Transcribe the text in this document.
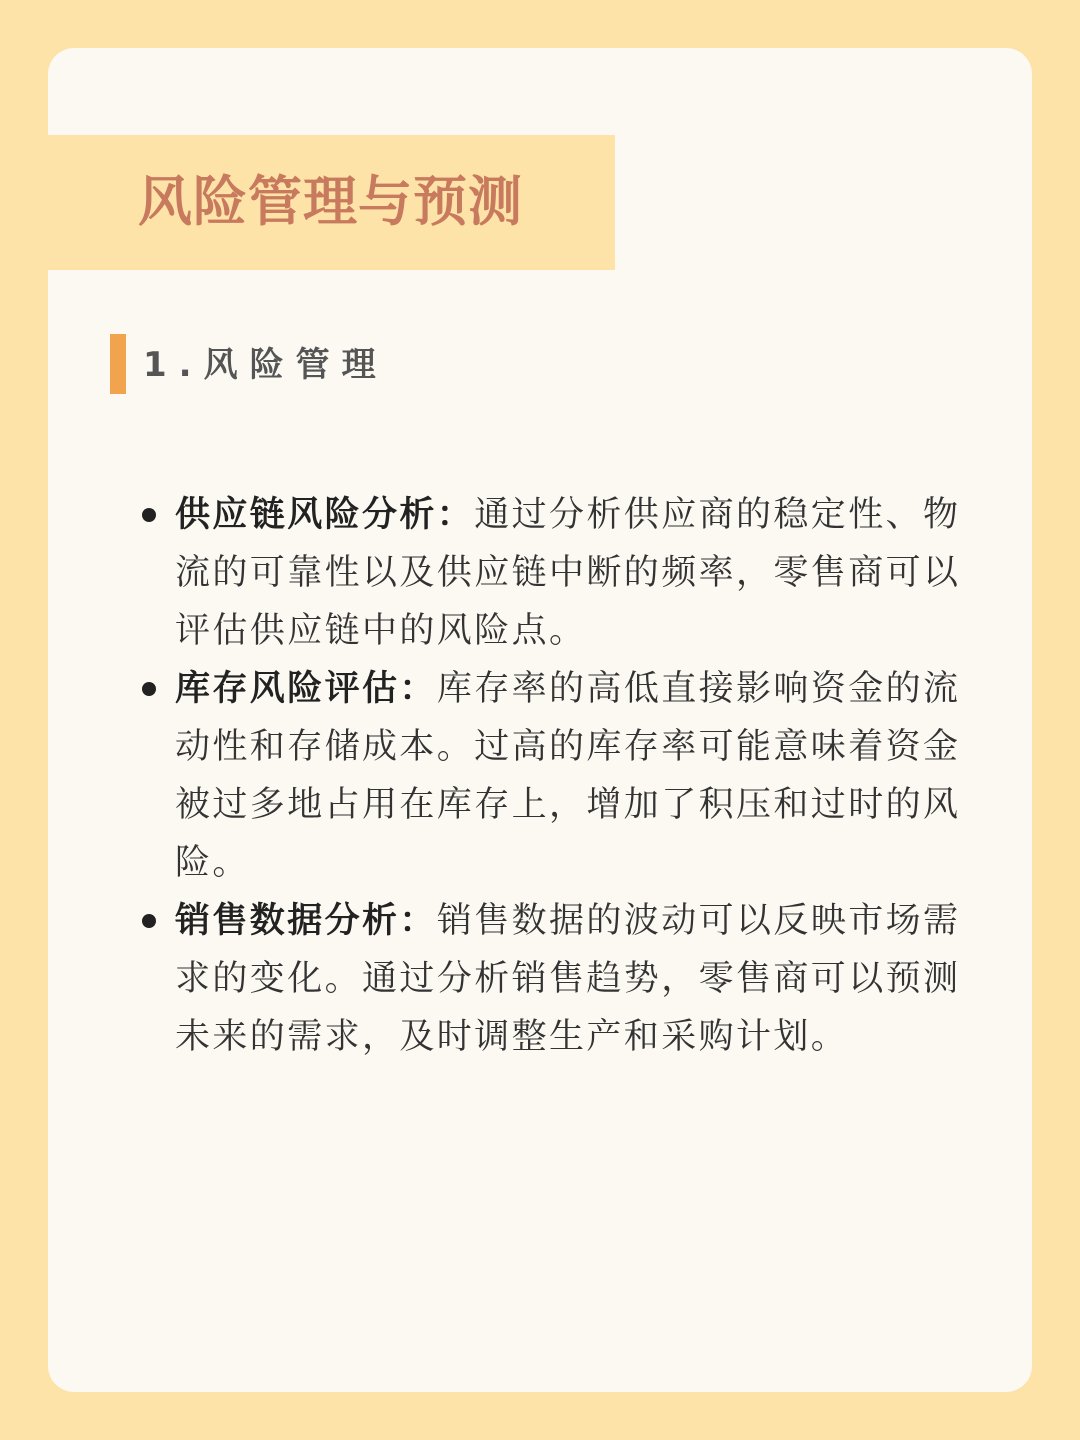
风险管理与预测
1.风险管理

供应链风险分析：通过分析供应商的稳定性、物流的可靠性以及供应链中断的频率，零售商可以评估供应链中的风险点。

库存风险评估：库存率的高低直接影响资金的流动性和存储成本。过高的库存率可能意味着资金被过多地占用在库存上，增加了积压和过时的风险。

销售数据分析：销售数据的波动可以反映市场需求的变化。通过分析销售趋势，零售商可以预测未来的需求，及时调整生产和采购计划。
